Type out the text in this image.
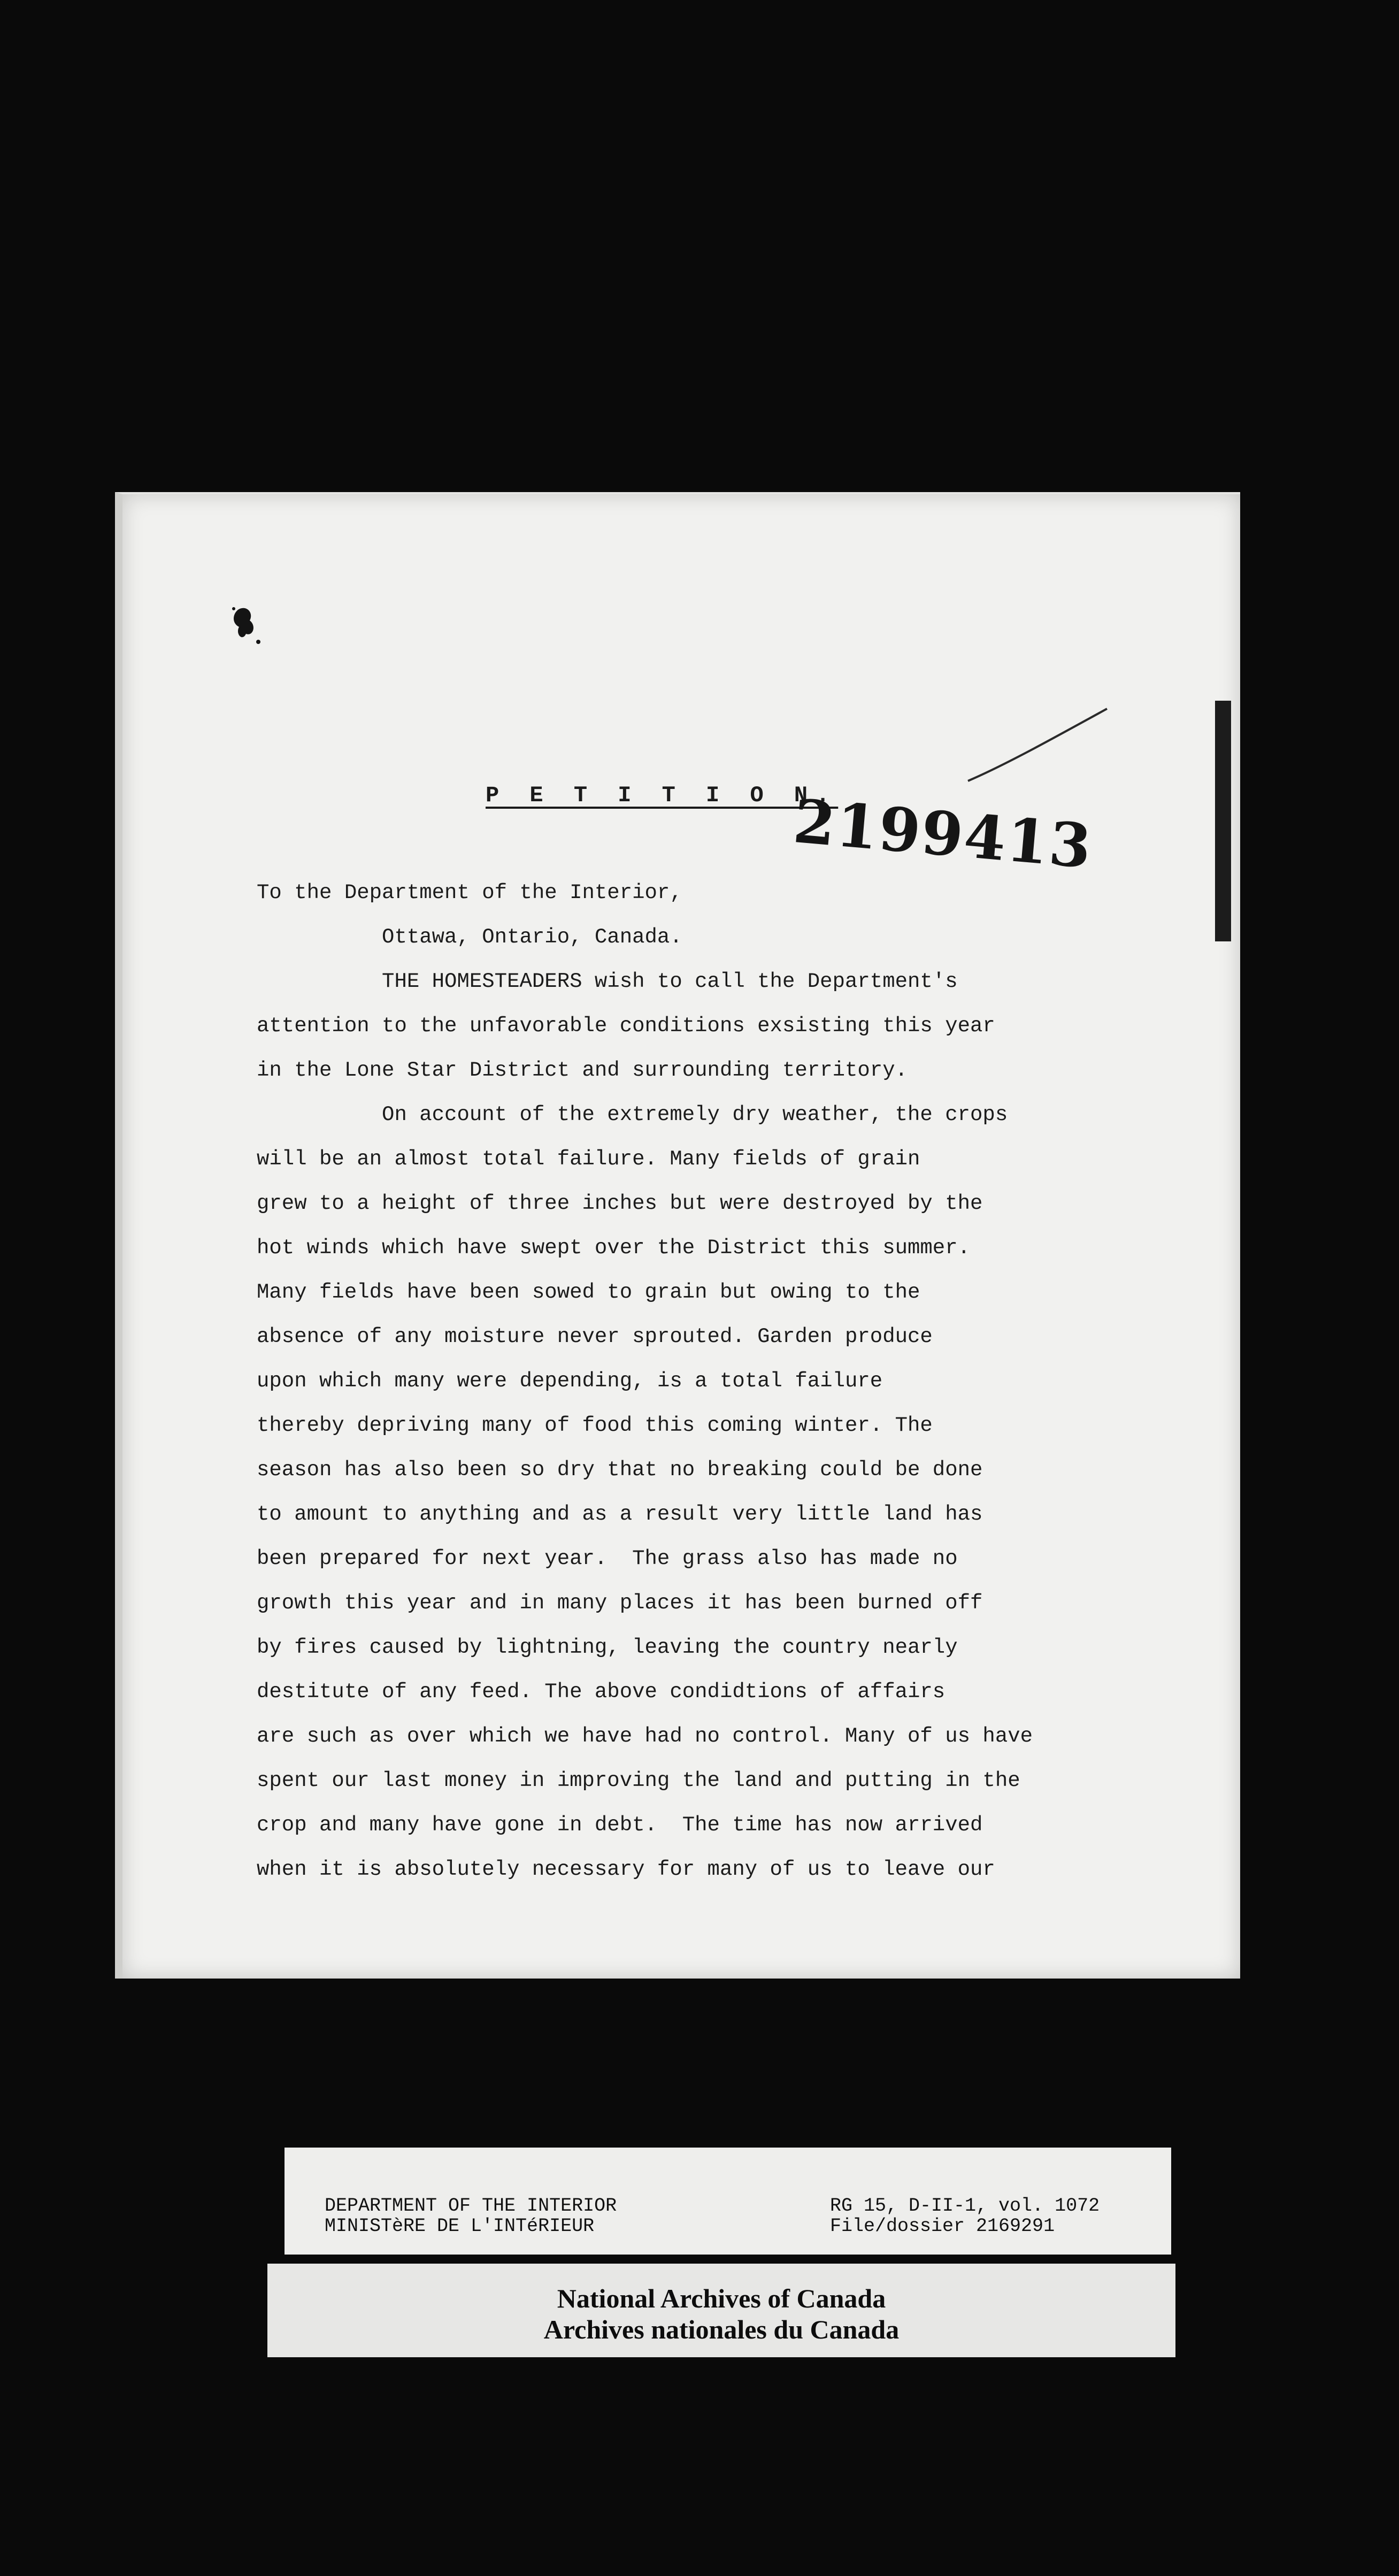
P E T I T I O N.
2199413
To the Department of the Interior,
Ottawa, Ontario, Canada.
THE HOMESTEADERS wish to call the Department's
attention to the unfavorable conditions exsisting this year
in the Lone Star District and surrounding territory.
On account of the extremely dry weather, the crops
will be an almost total failure. Many fields of grain
grew to a height of three inches but were destroyed by the
hot winds which have swept over the District this summer.
Many fields have been sowed to grain but owing to the
absence of any moisture never sprouted. Garden produce
upon which many were depending, is a total failure
thereby depriving many of food this coming winter. The
season has also been so dry that no breaking could be done
to amount to anything and as a result very little land has
been prepared for next year.  The grass also has made no
growth this year and in many places it has been burned off
by fires caused by lightning, leaving the country nearly
destitute of any feed. The above condidtions of affairs
are such as over which we have had no control. Many of us have
spent our last money in improving the land and putting in the
crop and many have gone in debt.  The time has now arrived
when it is absolutely necessary for many of us to leave our
DEPARTMENT OF THE INTERIOR
MINISTèRE DE L'INTéRIEUR
RG 15, D-II-1, vol. 1072
File/dossier 2169291
National Archives of Canada
Archives nationales du Canada
